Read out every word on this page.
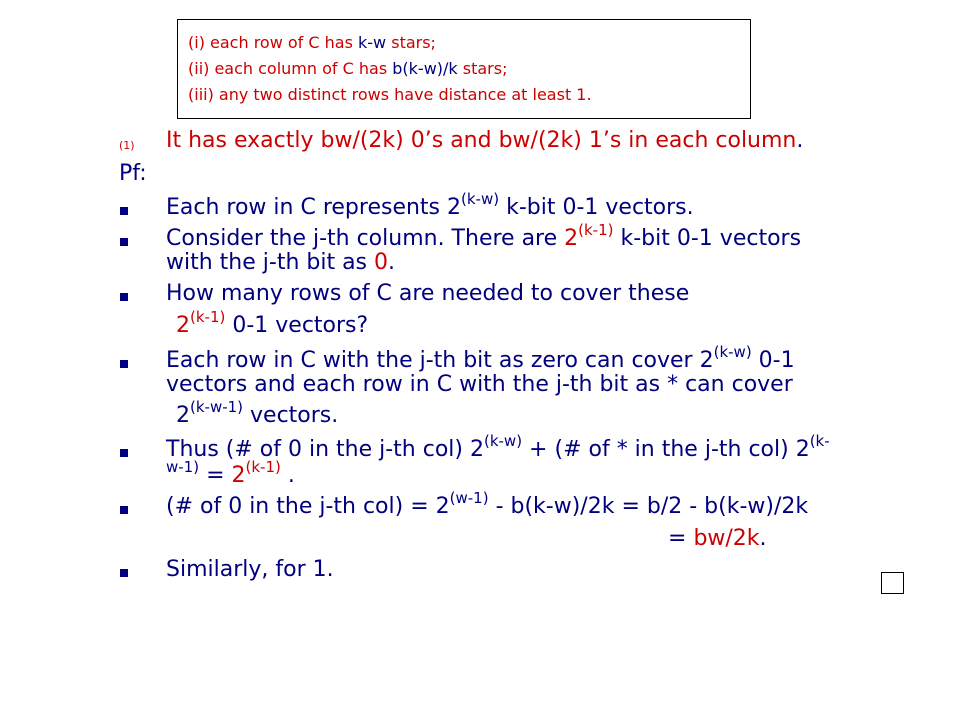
(i) each row of C has k-w stars;
(ii) each column of C has b(k-w)/k stars;
(iii) any two distinct rows have distance at least 1.
(1) It has exactly bw/(2k) 0’s and bw/(2k) 1’s in each column.
Pf:
Each row in C represents 2$^{(k-w)}$ k-bit 0-1 vectors.
Consider the j-th column. There are 2$^{(k-1)}$ k-bit 0-1 vectors
with the j-th bit as 0.
How many rows of C are needed to cover these
2$^{(k-1)}$ 0-1 vectors?
Each row in C with the j-th bit as zero can cover 2$^{(k-w)}$ 0-1
vectors and each row in C with the j-th bit as * can cover
2$^{(k-w-1)}$ vectors.
Thus (# of 0 in the j-th col) $2^{(k-w)}$ + (# of * in the j-th col) $2^{(k-}$
$^{w-1)} = 2^{(k-1)}$ .
(# of 0 in the j-th $col) = 2^{(w-1)} - b(k-w)/2k = b/2 - b(k-w)/2k$
= bw/2k.
Similarly, for 1.
